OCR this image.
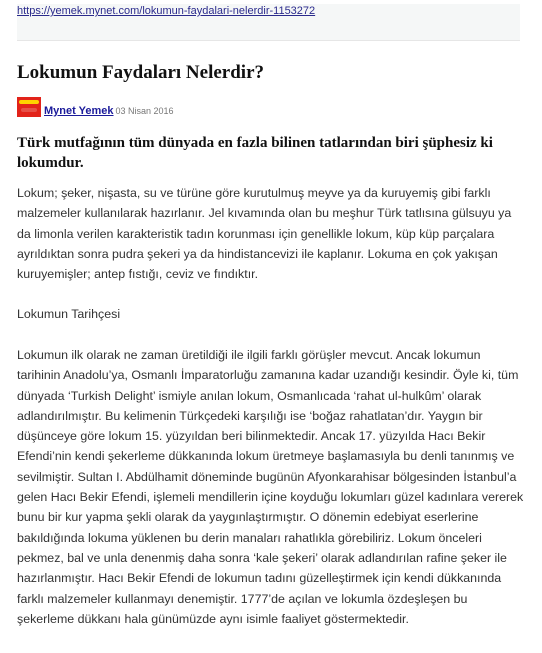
https://yemek.mynet.com/lokumun-faydalari-nelerdir-1153272
Lokumun Faydaları Nelerdir?
Mynet Yemek 03 Nisan 2016

Türk mutfağının tüm dünyada en fazla bilinen tatlarından biri şüphesiz ki lokumdur.

Lokum; şeker, nişasta, su ve türüne göre kurutulmuş meyve ya da kuruyemiş gibi farklı malzemeler kullanılarak hazırlanır. Jel kıvamında olan bu meşhur Türk tatlısına gülsuyu ya da limonla verilen karakteristik tadın korunması için genellikle lokum, küp küp parçalara ayrıldıktan sonra pudra şekeri ya da hindistancevizi ile kaplanır. Lokuma en çok yakışan kuruyemişler; antep fıstığı, ceviz ve fındıktır.

Lokumun Tarihçesi

Lokumun ilk olarak ne zaman üretildiği ile ilgili farklı görüşler mevcut. Ancak lokumun tarihinin Anadolu’ya, Osmanlı İmparatorluğu zamanına kadar uzandığı kesindir. Öyle ki, tüm dünyada ‘Turkish Delight’ ismiyle anılan lokum, Osmanlıcada ‘rahat ul-hulkûm’ olarak adlandırılmıştır. Bu kelimenin Türkçedeki karşılığı ise ‘boğaz rahatlatan’dır. Yaygın bir düşünceye göre lokum 15. yüzyıldan beri bilinmektedir. Ancak 17. yüzyılda Hacı Bekir Efendi’nin kendi şekerleme dükkanında lokum üretmeye başlamasıyla bu denli tanınmış ve sevilmiştir. Sultan I. Abdülhamit döneminde bugünün Afyonkarahisar bölgesinden İstanbul’a gelen Hacı Bekir Efendi, işlemeli mendillerin içine koyduğu lokumları güzel kadınlara vererek bunu bir kur yapma şekli olarak da yaygınlaştırmıştır. O dönemin edebiyat eserlerine bakıldığında lokuma yüklenen bu derin manaları rahatlıkla görebiliriz. Lokum önceleri pekmez, bal ve unla denenmiş daha sonra ‘kale şekeri’ olarak adlandırılan rafine şeker ile hazırlanmıştır. Hacı Bekir Efendi de lokumun tadını güzelleştirmek için kendi dükkanında farklı malzemeler kullanmayı denemiştir. 1777’de açılan ve lokumla özdeşleşen bu şekerleme dükkanı hala günümüzde aynı isimle faaliyet göstermektedir.
